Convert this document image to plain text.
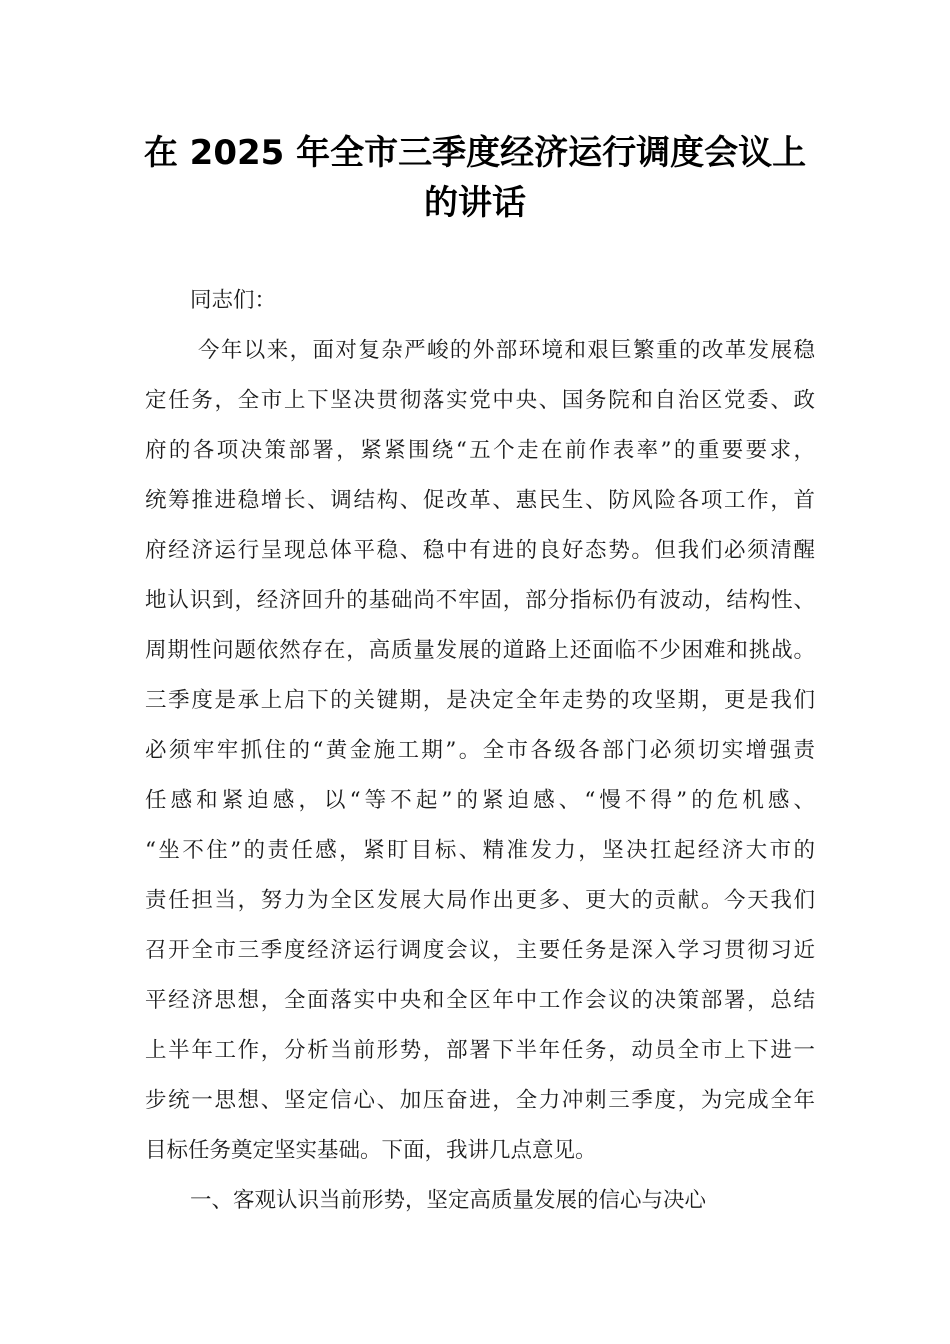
在 2025 年全市三季度经济运行调度会议上
的讲话
同志们：
今年以来，面对复杂严峻的外部环境和艰巨繁重的改革发展稳
定任务，全市上下坚决贯彻落实党中央、国务院和自治区党委、政
府的各项决策部署，紧紧围绕“五个走在前作表率”的重要要求，
统筹推进稳增长、调结构、促改革、惠民生、防风险各项工作，首
府经济运行呈现总体平稳、稳中有进的良好态势。但我们必须清醒
地认识到，经济回升的基础尚不牢固，部分指标仍有波动，结构性、
周期性问题依然存在，高质量发展的道路上还面临不少困难和挑战。
三季度是承上启下的关键期，是决定全年走势的攻坚期，更是我们
必须牢牢抓住的“黄金施工期”。全市各级各部门必须切实增强责
任感和紧迫感，以“等不起”的紧迫感、“慢不得”的危机感、
“坐不住”的责任感，紧盯目标、精准发力，坚决扛起经济大市的
责任担当，努力为全区发展大局作出更多、更大的贡献。今天我们
召开全市三季度经济运行调度会议，主要任务是深入学习贯彻习近
平经济思想，全面落实中央和全区年中工作会议的决策部署，总结
上半年工作，分析当前形势，部署下半年任务，动员全市上下进一
步统一思想、坚定信心、加压奋进，全力冲刺三季度，为完成全年
目标任务奠定坚实基础。下面，我讲几点意见。
一、客观认识当前形势，坚定高质量发展的信心与决心
